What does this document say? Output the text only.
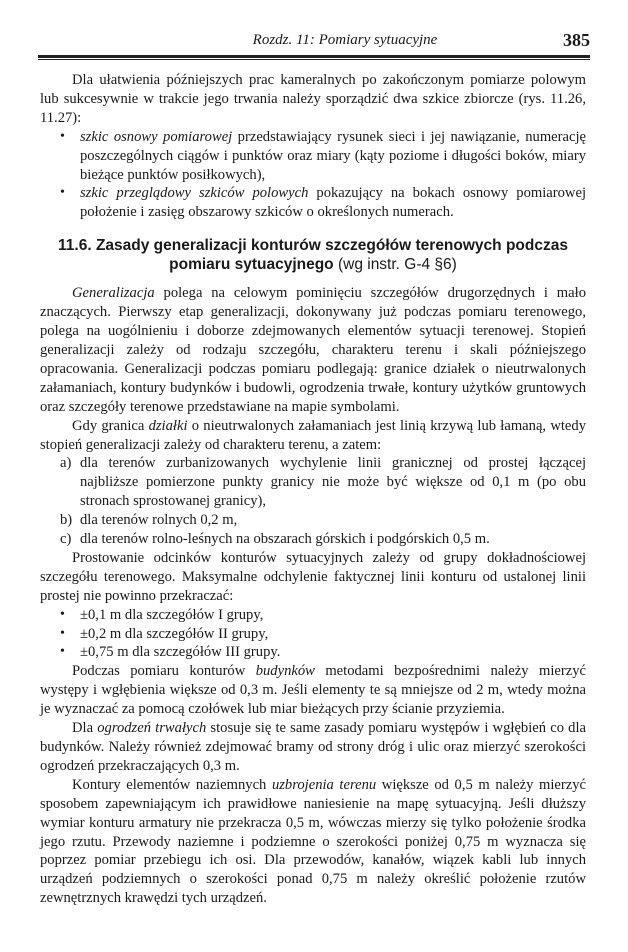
Rozdz. 11: Pomiary sytuacyjne	385

Dla ułatwienia późniejszych prac kameralnych po zakończonym pomiarze polowym lub sukcesywnie w trakcie jego trwania należy sporządzić dwa szkice zbiorcze (rys. 11.26, 11.27):

• szkic osnowy pomiarowej przedstawiający rysunek sieci i jej nawiązanie, numerację poszczególnych ciągów i punktów oraz miary (kąty poziome i długości boków, miary bieżące punktów posiłkowych),
• szkic przeglądowy szkiców polowych pokazujący na bokach osnowy pomiarowej położenie i zasięg obszarowy szkiców o określonych numerach.
11.6. Zasady generalizacji konturów szczegółów terenowych podczas pomiaru sytuacyjnego (wg instr. G-4 §6)

Generalizacja polega na celowym pominięciu szczegółów drugorzędnych i mało znaczących. Pierwszy etap generalizacji, dokonywany już podczas pomiaru terenowego, polega na uogólnieniu i doborze zdejmowanych elementów sytuacji terenowej. Stopień generalizacji zależy od rodzaju szczegółu, charakteru terenu i skali późniejszego opracowania. Generalizacji podczas pomiaru podlegają: granice działek o nieutrwalonych załamaniach, kontury budynków i budowli, ogrodzenia trwałe, kontury użytków gruntowych oraz szczegóły terenowe przedstawiane na mapie symbolami.

Gdy granica działki o nieutrwalonych załamaniach jest linią krzywą lub łamaną, wtedy stopień generalizacji zależy od charakteru terenu, a zatem:

a) dla terenów zurbanizowanych wychylenie linii granicznej od prostej łączącej najbliższe pomierzone punkty granicy nie może być większe od 0,1 m (po obu stronach sprostowanej granicy),
b) dla terenów rolnych 0,2 m,
c) dla terenów rolno-leśnych na obszarach górskich i podgórskich 0,5 m.

Prostowanie odcinków konturów sytuacyjnych zależy od grupy dokładnościowej szczegółu terenowego. Maksymalne odchylenie faktycznej linii konturu od ustalonej linii prostej nie powinno przekraczać:

• ±0,1 m dla szczegółów I grupy,
• ±0,2 m dla szczegółów II grupy,
• ±0,75 m dla szczegółów III grupy.

Podczas pomiaru konturów budynków metodami bezpośrednimi należy mierzyć występy i wgłębienia większe od 0,3 m. Jeśli elementy te są mniejsze od 2 m, wtedy można je wyznaczać za pomocą czołówek lub miar bieżących przy ścianie przyziemia.

Dla ogrodzeń trwałych stosuje się te same zasady pomiaru występów i wgłębień co dla budynków. Należy również zdejmować bramy od strony dróg i ulic oraz mierzyć szerokości ogrodzeń przekraczających 0,3 m.

Kontury elementów naziemnych uzbrojenia terenu większe od 0,5 m należy mierzyć sposobem zapewniającym ich prawidłowe naniesienie na mapę sytuacyjną. Jeśli dłuższy wymiar konturu armatury nie przekracza 0,5 m, wówczas mierzy się tylko położenie środka jego rzutu. Przewody naziemne i podziemne o szerokości poniżej 0,75 m wyznacza się poprzez pomiar przebiegu ich osi. Dla przewodów, kanałów, wiązek kabli lub innych urządzeń podziemnych o szerokości ponad 0,75 m należy określić położenie rzutów zewnętrznych krawędzi tych urządzeń.
